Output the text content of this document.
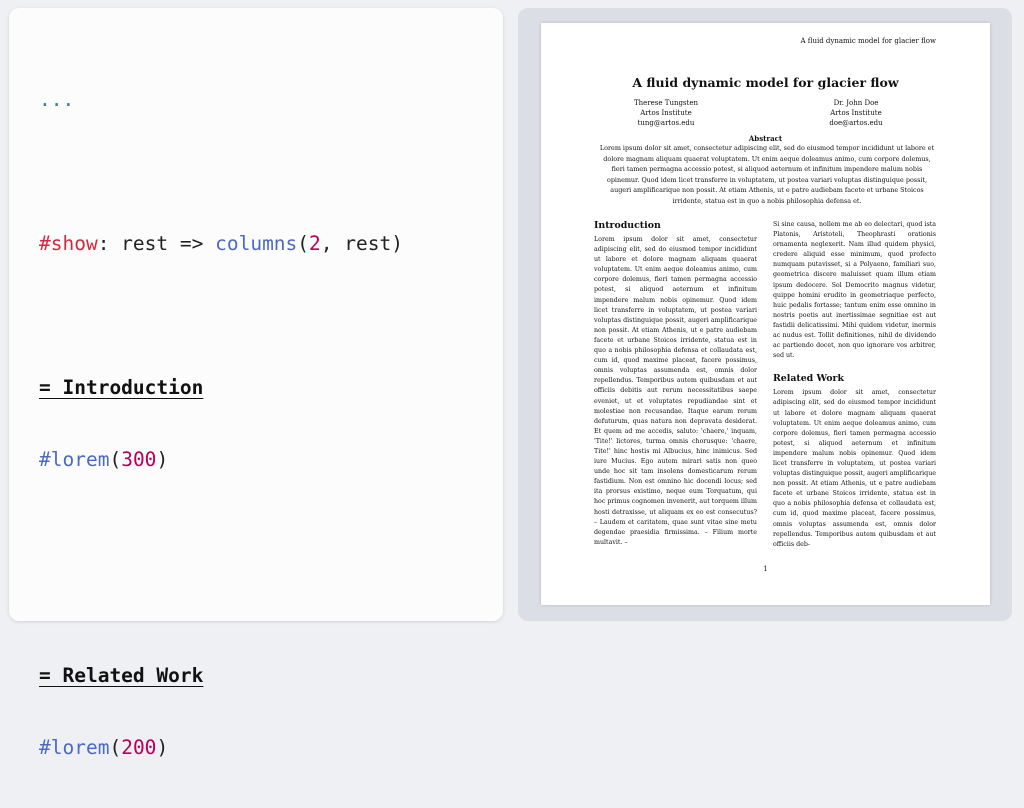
...

#show: rest => columns(2, rest)

= Introduction

#lorem(300)

= Related Work

#lorem(200)

A fluid dynamic model for glacier flow
A fluid dynamic model for glacier flow
Therese Tungsten
Artos Institute
tung@artos.edu
Dr. John Doe
Artos Institute
doe@artos.edu
Abstract
Lorem ipsum dolor sit amet, consectetur adipiscing elit, sed do eiusmod tempor incididunt ut labore et dolore magnam aliquam quaerat voluptatem. Ut enim aeque doleamus animo, cum corpore dolemus, fieri tamen permagna accessio potest, si aliquod aeternum et infinitum impendere malum nobis opinemur. Quod idem licet transferre in voluptatem, ut postea variari voluptas distinguique possit, augeri amplificarique non possit. At etiam Athenis, ut e patre audiebam facete et urbane Stoicos irridente, statua est in quo a nobis philosophia defensa et.
Introduction

Lorem ipsum dolor sit amet, consectetur adipiscing elit, sed do eiusmod tempor incididunt ut labore et dolore magnam aliquam quaerat voluptatem. Ut enim aeque doleamus animo, cum corpore dolemus, fieri tamen permagna accessio potest, si aliquod aeternum et infinitum impendere malum nobis opinemur. Quod idem licet transferre in voluptatem, ut postea variari voluptas distinguique possit, augeri amplificarique non possit. At etiam Athenis, ut e patre audiebam facete et urbane Stoicos irridente, statua est in quo a nobis philosophia defensa et collaudata est, cum id, quod maxime placeat, facere possimus, omnis voluptas assumenda est, omnis dolor repellendus. Temporibus autem quibusdam et aut officiis debitis aut rerum necessitatibus saepe eveniet, ut et voluptates repudiandae sint et molestiae non recusandae. Itaque earum rerum defuturum, quas natura non depravata desiderat. Et quem ad me accedis, saluto: 'chaere,' inquam, 'Tite!' lictores, turma omnis chorusque: 'chaere, Tite!' hinc hostis mi Albucius, hinc inimicus. Sed iure Mucius. Ego autem mirari satis non queo unde hoc sit tam insolens domesticarum rerum fastidium. Non est omnino hic docendi locus; sed ita prorsus existimo, neque eum Torquatum, qui hoc primus cognomen invenerit, aut torquem illum hosti detraxisse, ut aliquam ex eo est consecutus? – Laudem et caritatem, quae sunt vitae sine metu degendae praesidia firmissima. – Filium morte multavit. –

Si sine causa, nollem me ab eo delectari, quod ista Platonis, Aristoteli, Theophrasti orationis ornamenta neglexerit. Nam illud quidem physici, credere aliquid esse minimum, quod profecto numquam putavisset, si a Polyaeno, familiari suo, geometrica discere maluisset quam illum etiam ipsum dedocere. Sol Democrito magnus videtur, quippe homini erudito in geometriaque perfecto, huic pedalis fortasse; tantum enim esse omnino in nostris poetis aut inertissimae segnitiae est aut fastidii delicatissimi. Mihi quidem videtur, inermis ac nudus est. Tollit definitiones, nihil de dividendo ac partiendo docet, non quo ignorare vos arbitrer, sed ut.

Related Work

Lorem ipsum dolor sit amet, consectetur adipiscing elit, sed do eiusmod tempor incididunt ut labore et dolore magnam aliquam quaerat voluptatem. Ut enim aeque doleamus animo, cum corpore dolemus, fieri tamen permagna accessio potest, si aliquod aeternum et infinitum impendere malum nobis opinemur. Quod idem licet transferre in voluptatem, ut postea variari voluptas distinguique possit, augeri amplificarique non possit. At etiam Athenis, ut e patre audiebam facete et urbane Stoicos irridente, statua est in quo a nobis philosophia defensa et collaudata est, cum id, quod maxime placeat, facere possimus, omnis voluptas assumenda est, omnis dolor repellendus. Temporibus autem quibusdam et aut officiis deb-

1
